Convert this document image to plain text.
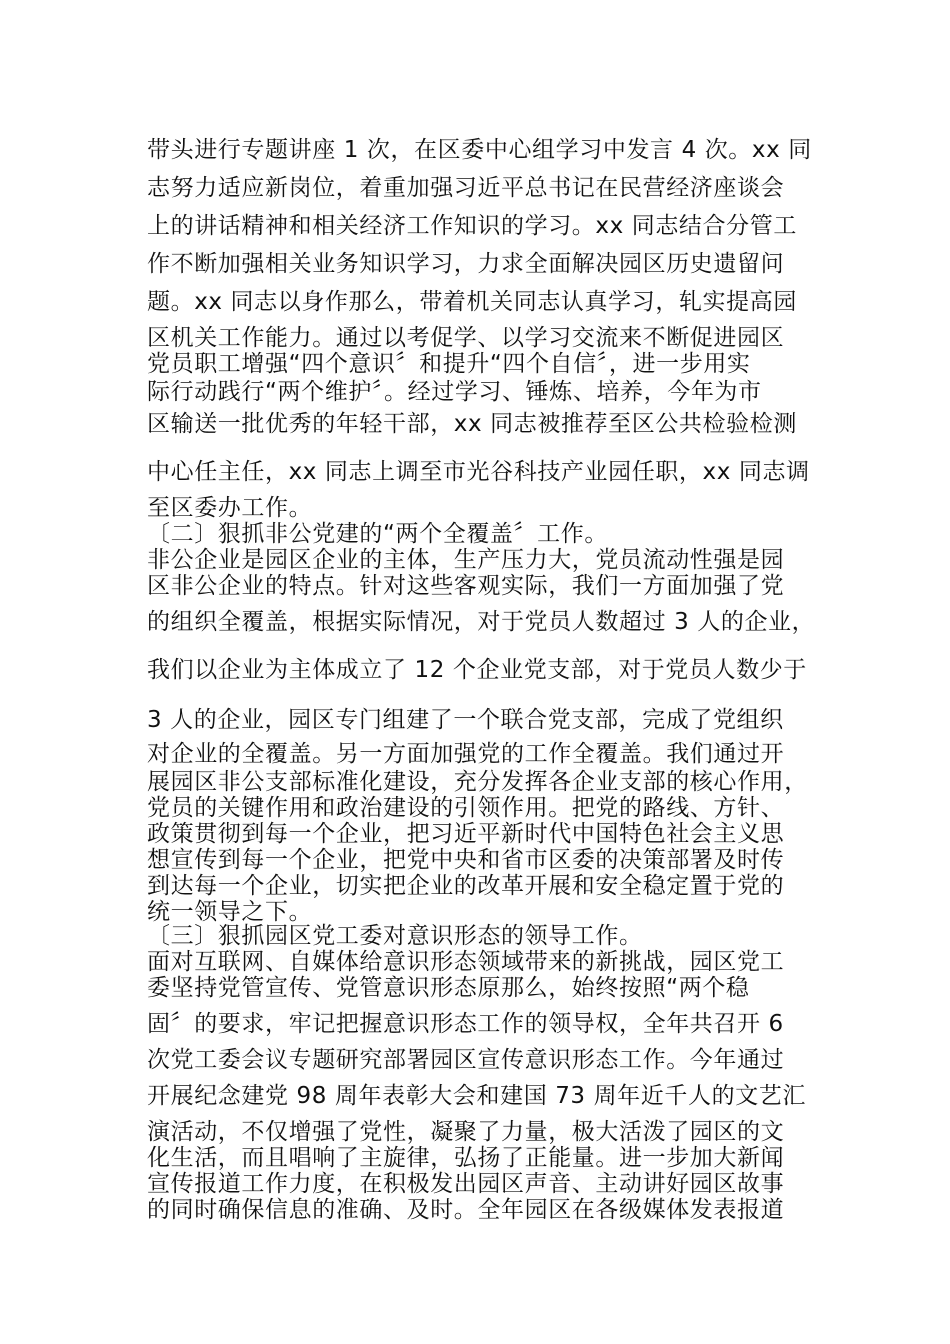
带头进行专题讲座 1 次，在区委中心组学习中发言 4 次。xx 同
志努力适应新岗位，着重加强习近平总书记在民营经济座谈会
上的讲话精神和相关经济工作知识的学习。xx 同志结合分管工
作不断加强相关业务知识学习，力求全面解决园区历史遗留问
题。xx 同志以身作那么，带着机关同志认真学习，轧实提高园
区机关工作能力。通过以考促学、以学习交流来不断促进园区
党员职工增强“四个意识〞和提升“四个自信〞，进一步用实
际行动践行“两个维护〞。经过学习、锤炼、培养，今年为市
区输送一批优秀的年轻干部，xx 同志被推荐至区公共检验检测
中心任主任，xx 同志上调至市光谷科技产业园任职，xx 同志调
至区委办工作。
〔二〕狠抓非公党建的“两个全覆盖〞工作。
非公企业是园区企业的主体，生产压力大，党员流动性强是园
区非公企业的特点。针对这些客观实际，我们一方面加强了党
的组织全覆盖，根据实际情况，对于党员人数超过 3 人的企业，
我们以企业为主体成立了 12 个企业党支部，对于党员人数少于
3 人的企业，园区专门组建了一个联合党支部，完成了党组织
对企业的全覆盖。另一方面加强党的工作全覆盖。我们通过开
展园区非公支部标准化建设，充分发挥各企业支部的核心作用，
党员的关键作用和政治建设的引领作用。把党的路线、方针、
政策贯彻到每一个企业，把习近平新时代中国特色社会主义思
想宣传到每一个企业，把党中央和省市区委的决策部署及时传
到达每一个企业，切实把企业的改革开展和安全稳定置于党的
统一领导之下。
〔三〕狠抓园区党工委对意识形态的领导工作。
面对互联网、自媒体给意识形态领域带来的新挑战，园区党工
委坚持党管宣传、党管意识形态原那么，始终按照“两个稳
固〞的要求，牢记把握意识形态工作的领导权，全年共召开 6
次党工委会议专题研究部署园区宣传意识形态工作。今年通过
开展纪念建党 98 周年表彰大会和建国 73 周年近千人的文艺汇
演活动，不仅增强了党性，凝聚了力量，极大活泼了园区的文
化生活，而且唱响了主旋律，弘扬了正能量。进一步加大新闻
宣传报道工作力度，在积极发出园区声音、主动讲好园区故事
的同时确保信息的准确、及时。全年园区在各级媒体发表报道
